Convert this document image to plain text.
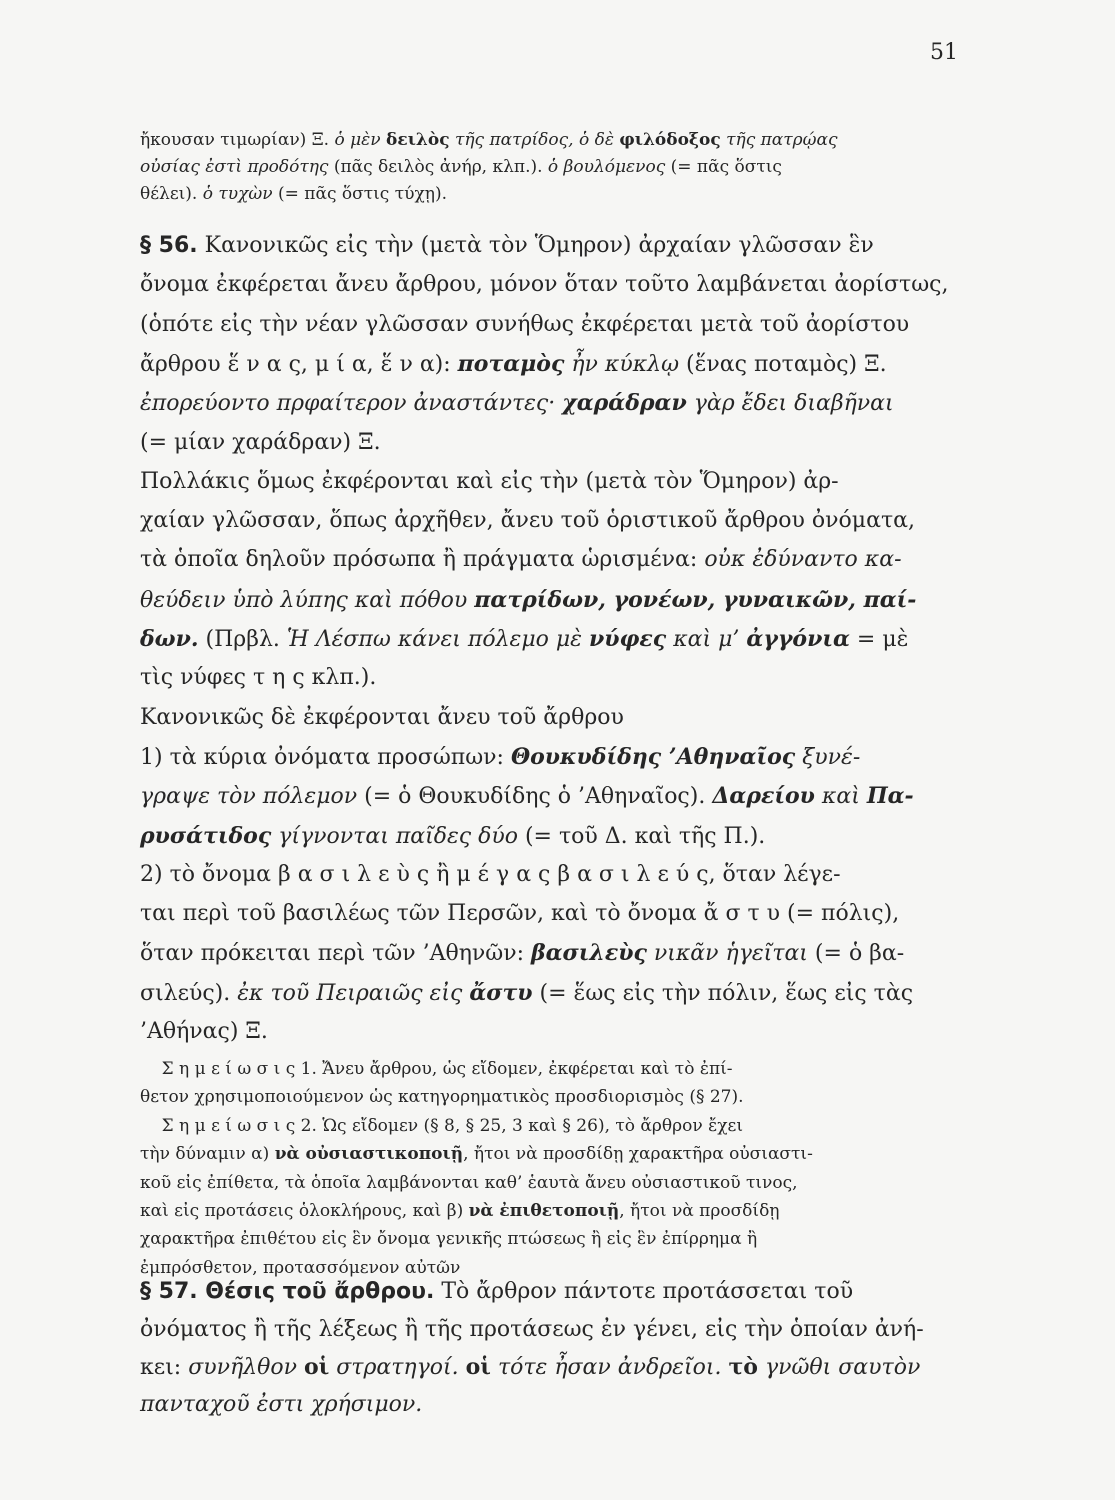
51
ἤκουσαν τιμωρίαν) Ξ. ὁ μὲν δειλὸς τῆς πατρίδος, ὁ δὲ φιλόδοξος τῆς πατρῴας
οὐσίας ἐστὶ προδότης (πᾶς δειλὸς ἀνήρ, κλπ.). ὁ βουλόμενος (= πᾶς ὅστις
θέλει). ὁ τυχὼν (= πᾶς ὅστις τύχῃ).
§ 56. Κανονικῶς εἰς τὴν (μετὰ τὸν Ὅμηρον) ἀρχαίαν γλῶσσαν ἓν
ὄνομα ἐκφέρεται ἄνευ ἄρθρου, μόνον ὅταν τοῦτο λαμβάνεται ἀορίστως,
(ὁπότε εἰς τὴν νέαν γλῶσσαν συνήθως ἐκφέρεται μετὰ τοῦ ἀορίστου
ἄρθρου ἕ ν α ς, μ ί α, ἕ ν α): ποταμὸς ἦν κύκλῳ (ἕνας ποταμὸς) Ξ.
ἐπορεύοντο πρφαίτερον ἀναστάντες· χαράδραν γὰρ ἔδει διαβῆναι
(= μίαν χαράδραν) Ξ.
Πολλάκις ὅμως ἐκφέρονται καὶ εἰς τὴν (μετὰ τὸν Ὅμηρον) ἀρ-
χαίαν γλῶσσαν, ὅπως ἀρχῆθεν, ἄνευ τοῦ ὁριστικοῦ ἄρθρου ὀνόματα,
τὰ ὁποῖα δηλοῦν πρόσωπα ἢ πράγματα ὡρισμένα: οὐκ ἐδύναντο κα-
θεύδειν ὑπὸ λύπης καὶ πόθου πατρίδων, γονέων, γυναικῶν, παί-
δων. (Πρβλ. Ἡ Λέσπω κάνει πόλεμο μὲ νύφες καὶ μ’ ἀγγόνια = μὲ
τὶς νύφες τ η ς κλπ.).
Κανονικῶς δὲ ἐκφέρονται ἄνευ τοῦ ἄρθρου
1) τὰ κύρια ὀνόματα προσώπων: Θουκυδίδης ’Αθηναῖος ξυνέ-
γραψε τὸν πόλεμον (= ὁ Θουκυδίδης ὁ ’Αθηναῖος). Δαρείου καὶ Πα-
ρυσάτιδος γίγνονται παῖδες δύο (= τοῦ Δ. καὶ τῆς Π.).
2) τὸ ὄνομα β α σ ι λ ε ὺ ς ἢ μ έ γ α ς β α σ ι λ ε ύ ς, ὅταν λέγε-
ται περὶ τοῦ βασιλέως τῶν Περσῶν, καὶ τὸ ὄνομα ἄ σ τ υ (= πόλις),
ὅταν πρόκειται περὶ τῶν ’Αθηνῶν: βασιλεὺς νικᾶν ἡγεῖται (= ὁ βα-
σιλεύς). ἐκ τοῦ Πειραιῶς εἰς ἄστυ (= ἕως εἰς τὴν πόλιν, ἕως εἰς τὰς
’Αθήνας) Ξ.
Σ η μ ε ί ω σ ι ς 1. Ἄνευ ἄρθρου, ὡς εἴδομεν, ἐκφέρεται καὶ τὸ ἐπί-
θετον χρησιμοποιούμενον ὡς κατηγορηματικὸς προσδιορισμὸς (§ 27).
Σ η μ ε ί ω σ ι ς 2. Ὡς εἴδομεν (§ 8, § 25, 3 καὶ § 26), τὸ ἄρθρον ἔχει
τὴν δύναμιν α) νὰ οὐσιαστικοποιῇ, ἤτοι νὰ προσδίδῃ χαρακτῆρα οὐσιαστι-
κοῦ εἰς ἐπίθετα, τὰ ὁποῖα λαμβάνονται καθ’ ἑαυτὰ ἄνευ οὐσιαστικοῦ τινος,
καὶ εἰς προτάσεις ὁλοκλήρους, καὶ β) νὰ ἐπιθετοποιῇ, ἤτοι νὰ προσδίδῃ
χαρακτῆρα ἐπιθέτου εἰς ἓν ὄνομα γενικῆς πτώσεως ἢ εἰς ἓν ἐπίρρημα ἢ
ἐμπρόσθετον, προτασσόμενον αὐτῶν
§ 57. Θέσις τοῦ ἄρθρου. Τὸ ἄρθρον πάντοτε προτάσσεται τοῦ
ὀνόματος ἢ τῆς λέξεως ἢ τῆς προτάσεως ἐν γένει, εἰς τὴν ὁποίαν ἀνή-
κει: συνῆλθον οἱ στρατηγοί. οἱ τότε ἦσαν ἀνδρεῖοι. τὸ γνῶθι σαυτὸν
πανταχοῦ ἐστι χρήσιμον.
